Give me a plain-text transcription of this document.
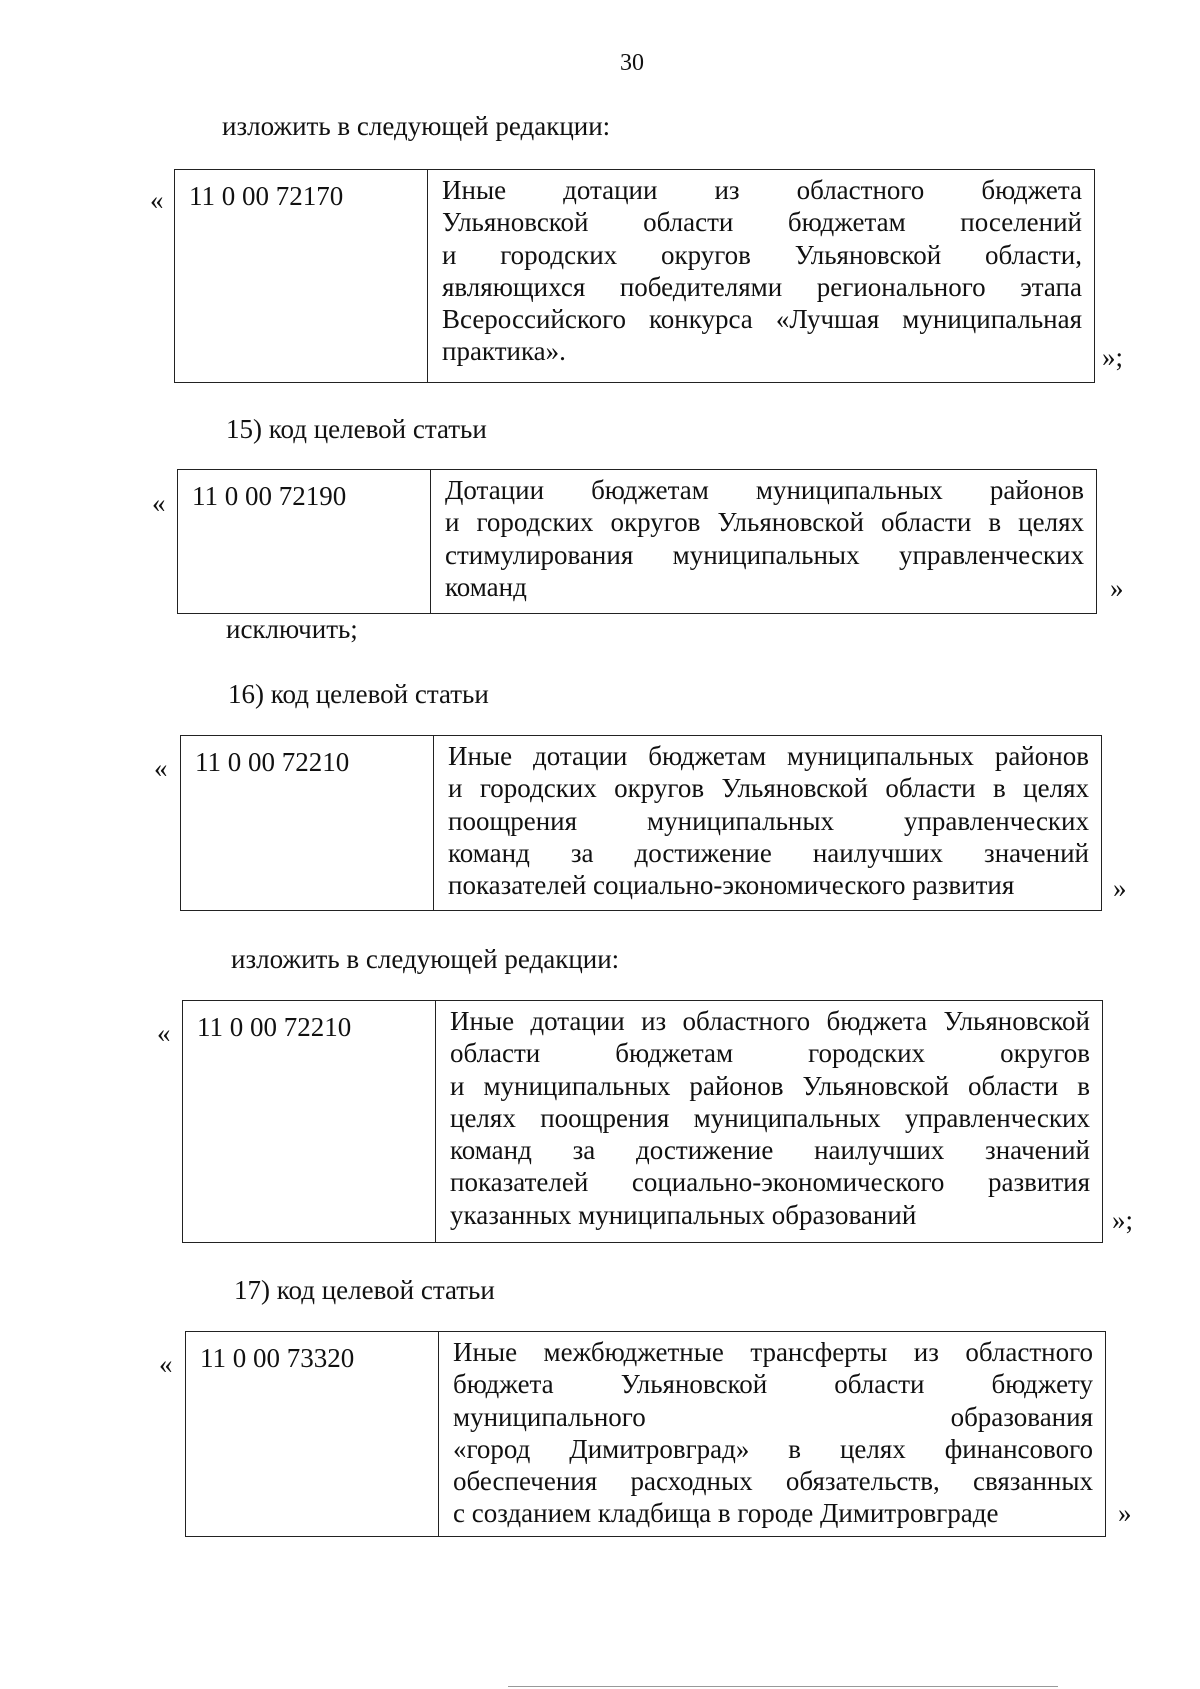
30
изложить в следующей редакции:
« 11 0 00 72170	Иные дотации из областного бюджета
Ульяновской области бюджетам поселений
и городских округов Ульяновской области,
являющихся победителями регионального этапа
Всероссийского конкурса «Лучшая муниципальная
практика».	»;
15) код целевой статьи
« 11 0 00 72190	Дотации бюджетам муниципальных районов
и городских округов Ульяновской области в целях
стимулирования муниципальных управленческих
команд	»
исключить;
16) код целевой статьи
«	11 0 00 72210	Иные дотации бюджетам муниципальных районов
и городских округов Ульяновской области в целях
поощрения муниципальных управленческих
команд за достижение наилучших значений
показателей социально-экономического развития	»
изложить в следующей редакции:
« 11 0 00 72210	Иные дотации из областного бюджета Ульяновской
области бюджетам городских округов
и муниципальных районов Ульяновской области в
целях поощрения муниципальных управленческих
команд за достижение наилучших значений
показателей социально-экономического развития
указанных муниципальных образований	»;
17) код целевой статьи
«	11 0 00 73320	Иные межбюджетные трансферты из областного
бюджета Ульяновской области бюджету
муниципального образования
«город Димитровград» в целях финансового
обеспечения расходных обязательств, связанных
с созданием кладбища в городе Димитровграде	»
